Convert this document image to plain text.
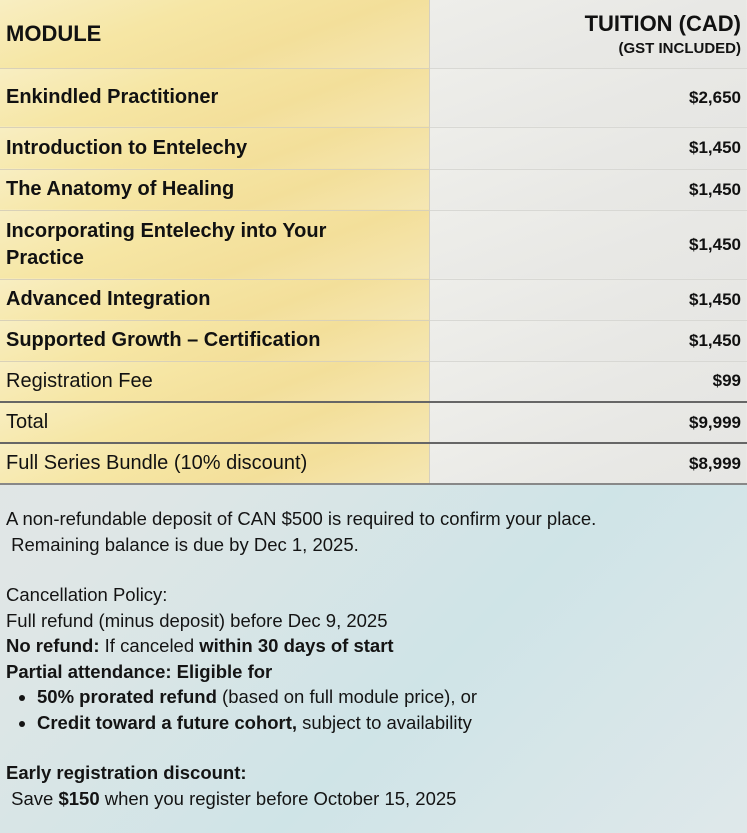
MODULE	TUITION (CAD)
(GST INCLUDED)

Enkindled Practitioner	$2,650
Introduction to Entelechy	$1,450
The Anatomy of Healing	$1,450
Incorporating Entelechy into Your Practice	$1,450
Advanced Integration	$1,450
Supported Growth – Certification	$1,450
Registration Fee	$99
Total	$9,999
Full Series Bundle (10% discount)	$8,999

A non-refundable deposit of CAN $500 is required to confirm your place.

Remaining balance is due by Dec 1, 2025.

Cancellation Policy:

Full refund (minus deposit) before Dec 9, 2025

No refund: If canceled within 30 days of start

Partial attendance: Eligible for

• 50% prorated refund (based on full module price), or
• Credit toward a future cohort, subject to availability

Early registration discount:

Save $150 when you register before October 15, 2025
